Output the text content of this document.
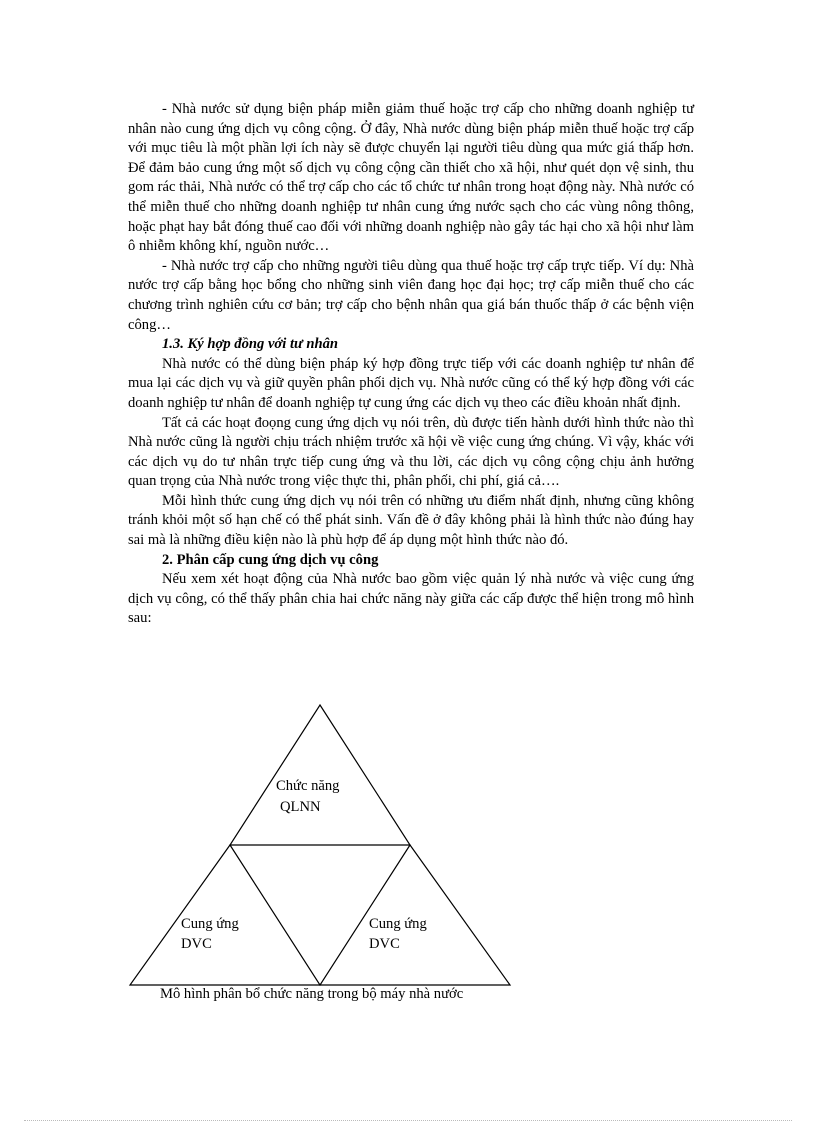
- Nhà nước sử dụng biện pháp miễn giảm thuế hoặc trợ cấp cho những doanh nghiệp tư nhân nào cung ứng dịch vụ công cộng. Ở đây, Nhà nước dùng biện pháp miễn thuế hoặc trợ cấp với mục tiêu là một phần lợi ích này sẽ được chuyển lại người tiêu dùng qua mức giá thấp hơn. Để đảm bảo cung ứng một số dịch vụ công cộng cần thiết cho xã hội, như quét dọn vệ sinh, thu gom rác thải, Nhà nước có thể trợ cấp cho các tổ chức tư nhân trong hoạt động này. Nhà nước có thể miễn thuế cho những doanh nghiệp tư nhân cung ứng nước sạch cho các vùng nông thông, hoặc phạt hay bắt đóng thuế cao đối với những doanh nghiệp nào gây tác hại cho xã hội như làm ô nhiễm không khí, nguồn nước…

- Nhà nước trợ cấp cho những người tiêu dùng qua thuế hoặc trợ cấp trực tiếp. Ví dụ: Nhà nước trợ cấp bằng học bổng cho những sinh viên đang học đại học; trợ cấp miễn thuế cho các chương trình nghiên cứu cơ bản; trợ cấp cho bệnh nhân qua giá bán thuốc thấp ở các bệnh viện công…

1.3. Ký hợp đồng với tư nhân

Nhà nước có thể dùng biện pháp ký hợp đồng trực tiếp với các doanh nghiệp tư nhân để mua lại các dịch vụ và giữ quyền phân phối dịch vụ. Nhà nước cũng có thể ký hợp đồng với các doanh nghiệp tư nhân để doanh nghiệp tự cung ứng các dịch vụ theo các điều khoản nhất định.

Tất cả các hoạt đoọng cung ứng dịch vụ nói trên, dù được tiến hành dưới hình thức nào thì Nhà nước cũng là người chịu trách nhiệm trước xã hội về việc cung ứng chúng. Vì vậy, khác với các dịch vụ do tư nhân trực tiếp cung ứng và thu lời, các dịch vụ công cộng chịu ảnh hưởng quan trọng của Nhà nước trong việc thực thi, phân phối, chi phí, giá cả….

Mỗi hình thức cung ứng dịch vụ nói trên có những ưu điểm nhất định, nhưng cũng không tránh khỏi một số hạn chế có thể phát sinh. Vấn đề ở đây không phải là hình thức nào đúng hay sai mà là những điều kiện nào là phù hợp để áp dụng một hình thức nào đó.

2. Phân cấp cung ứng dịch vụ công

Nếu xem xét hoạt động của Nhà nước bao gồm việc quản lý nhà nước và việc cung ứng dịch vụ công, có thể thấy phân chia hai chức năng này giữa các cấp được thể hiện trong mô hình sau:

Chức năng
QLNN
Cung ứng
DVC
Cung ứng
DVC
Mô hình phân bổ chức năng trong bộ máy nhà nước
